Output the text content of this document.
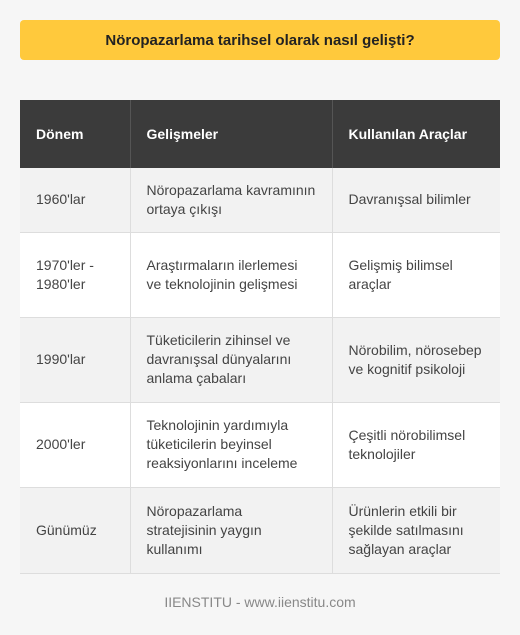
Nöropazarlama tarihsel olarak nasıl gelişti?
Dönem	Gelişmeler	Kullanılan Araçlar
1960'lar	Nöropazarlama kavramının ortaya çıkışı	Davranışsal bilimler
1970'ler - 1980'ler	Araştırmaların ilerlemesi ve teknolojinin gelişmesi	Gelişmiş bilimsel araçlar
1990'lar	Tüketicilerin zihinsel ve davranışsal dünyalarını anlama çabaları	Nörobilim, nörosebep ve kognitif psikoloji
2000'ler	Teknolojinin yardımıyla tüketicilerin beyinsel reaksiyonlarını inceleme	Çeşitli nörobilimsel teknolojiler
Günümüz	Nöropazarlama stratejisinin yaygın kullanımı	Ürünlerin etkili bir şekilde satılmasını sağlayan araçlar
IIENSTITU - www.iienstitu.com
